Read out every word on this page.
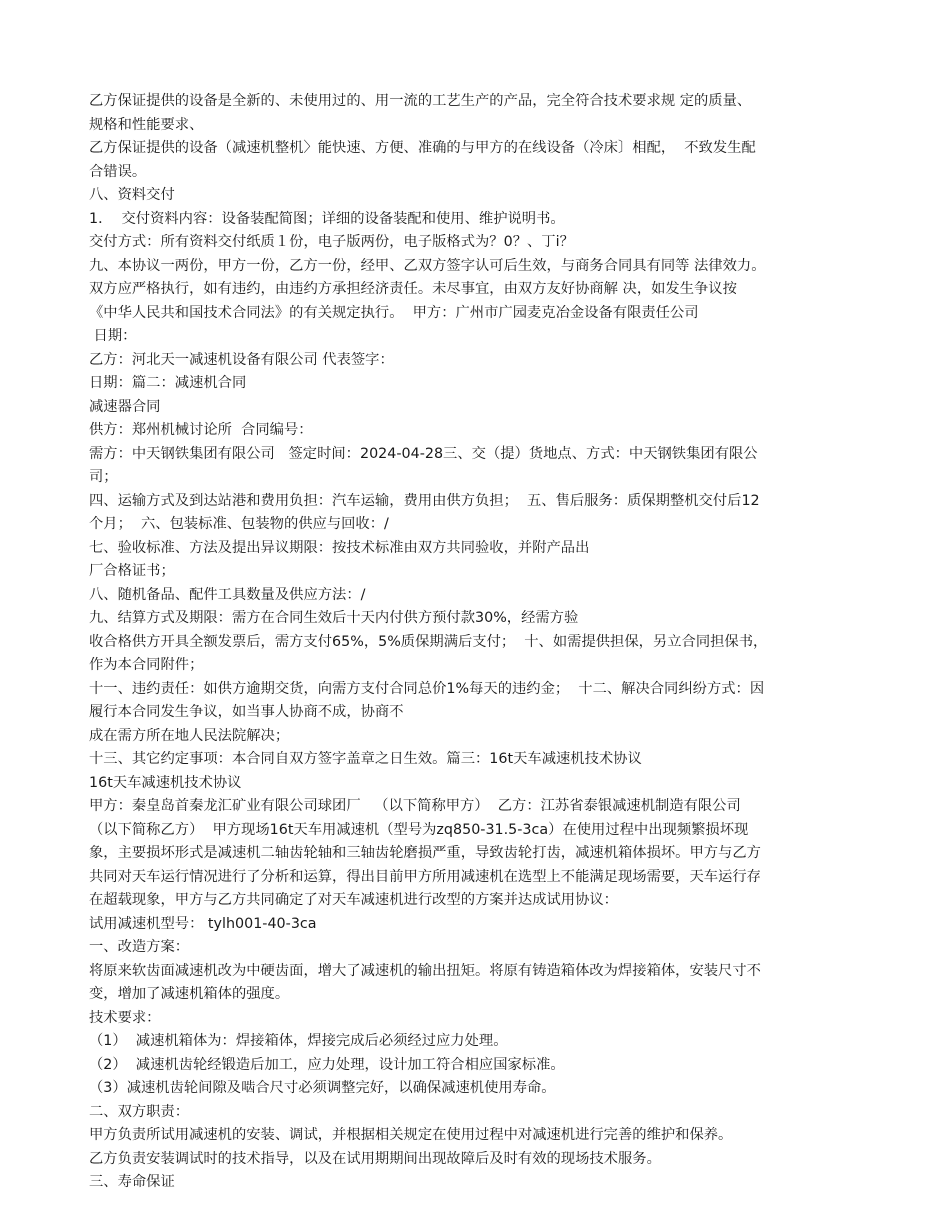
乙方保证提供的设备是全新的、未使用过的、用一流的工艺生产的产品，完全符合技术要求规 定的质量、
规格和性能要求、
乙方保证提供的设备（减速机整机〉能快速、方便、准确的与甲方的在线设备（冷床〕相配，  不致发生配
合错误。
八、资料交付
1．  交付资料内容：设备装配简图；详细的设备装配和使用、维护说明书。
交付方式：所有资料交付纸质１份，电子版两份，电子版格式为？0？、丁i？
九、本协议一两份，甲方一份，乙方一份，经甲、乙双方签字认可后生效，与商务合同具有同等 法律效力。
双方应严格执行，如有违约，由违约方承担经济责任。未尽事宜，由双方友好协商解 决，如发生争议按
《中华人民共和国技术合同法》的有关规定执行。  甲方：广州市广园麦克冶金设备有限责任公司
日期：
乙方：河北天一减速机设备有限公司 代表签字：
日期：篇二：减速机合同
减速器合同
供方：郑州机械讨论所  合同编号：
需方：中天钢铁集团有限公司   签定时间：2024-04-28三、交（提）货地点、方式：中天钢铁集团有限公
司；
四、运输方式及到达站港和费用负担：汽车运输，费用由供方负担；  五、售后服务：质保期整机交付后12
个月；  六、包装标准、包装物的供应与回收：/
七、验收标准、方法及提出异议期限：按技术标准由双方共同验收，并附产品出
厂合格证书；
八、随机备品、配件工具数量及供应方法：/
九、结算方式及期限：需方在合同生效后十天内付供方预付款30%，经需方验
收合格供方开具全额发票后，需方支付65%，5%质保期满后支付；  十、如需提供担保，另立合同担保书，
作为本合同附件；
十一、违约责任：如供方逾期交货，向需方支付合同总价1%每天的违约金；  十二、解决合同纠纷方式：因
履行本合同发生争议，如当事人协商不成，协商不
成在需方所在地人民法院解决；
十三、其它约定事项：本合同自双方签字盖章之日生效。篇三：16t天车减速机技术协议
16t天车减速机技术协议
甲方：秦皇岛首秦龙汇矿业有限公司球团厂   （以下简称甲方）  乙方：江苏省泰银减速机制造有限公司
（以下简称乙方）  甲方现场16t天车用减速机（型号为zq850-31.5-3ca）在使用过程中出现频繁损坏现
象，主要损坏形式是减速机二轴齿轮轴和三轴齿轮磨损严重，导致齿轮打齿，减速机箱体损坏。甲方与乙方
共同对天车运行情况进行了分析和运算，得出目前甲方所用减速机在选型上不能满足现场需要，天车运行存
在超载现象，甲方与乙方共同确定了对天车减速机进行改型的方案并达成试用协议：
试用减速机型号： tylh001-40-3ca
一、改造方案：
将原来软齿面减速机改为中硬齿面，增大了减速机的输出扭矩。将原有铸造箱体改为焊接箱体，安装尺寸不
变，增加了减速机箱体的强度。
技术要求：
（1）  减速机箱体为：焊接箱体，焊接完成后必须经过应力处理。
（2）  减速机齿轮经锻造后加工，应力处理，设计加工符合相应国家标准。
（3）减速机齿轮间隙及啮合尺寸必须调整完好，以确保减速机使用寿命。
二、双方职责：
甲方负责所试用减速机的安装、调试，并根据相关规定在使用过程中对减速机进行完善的维护和保养。
乙方负责安装调试时的技术指导，以及在试用期期间出现故障后及时有效的现场技术服务。
三、寿命保证
